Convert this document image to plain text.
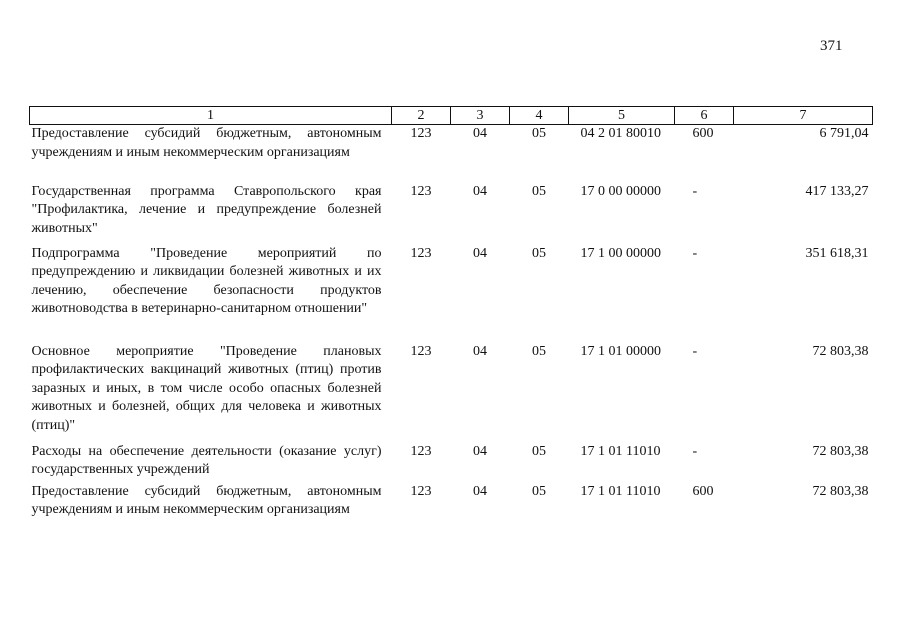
371
1	2	3	4	5	6	7
Предоставление субсидий бюджетным, автономным учреждениям и иным некоммерческим организациям	123	04	05	04 2 01 80010	600	6 791,04
Государственная программа Ставропольского края "Профилактика, лечение и предупреждение болезней животных"	123	04	05	17 0 00 00000	-	417 133,27
Подпрограмма "Проведение мероприятий по предупреждению и ликвидации болезней животных и их лечению, обеспечение безопасности продуктов животноводства в ветеринарно-санитарном отношении"	123	04	05	17 1 00 00000	-	351 618,31
Основное мероприятие "Проведение плановых профилактических вакцинаций животных (птиц) против заразных и иных, в том числе особо опасных болезней животных и болезней, общих для человека и животных (птиц)"	123	04	05	17 1 01 00000	-	72 803,38
Расходы на обеспечение деятельности (оказание услуг) государственных учреждений	123	04	05	17 1 01 11010	-	72 803,38
Предоставление субсидий бюджетным, автономным учреждениям и иным некоммерческим организациям	123	04	05	17 1 01 11010	600	72 803,38
